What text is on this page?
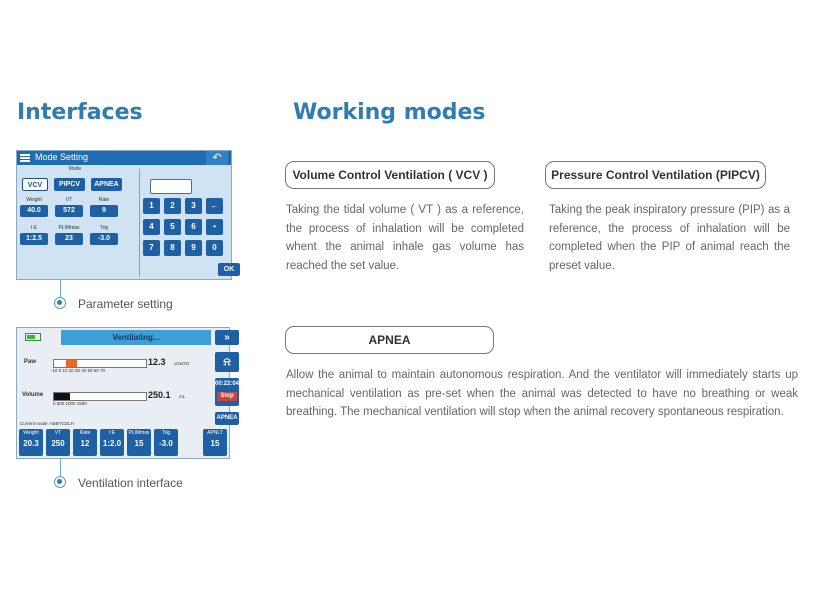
Interfaces	Working modes
Mode Setting	↶
Mode
VCV	PIPCV	APNEA
Weight	VT	Rate
40.0	572	9
I:E	PLIMmax	Trig
1:2.5	23	-3.0
1	2	3	←
4	5	6	•
7	8	9	0
OK
Parameter setting
Ventilating...	»
⍾
00:22:04
Stop
APNEA
Paw
-10 0 10 20 30 40 50 60 70
12.3 cmH2O
Volume
0 500 1000 1500
250.1 mL
Current mode: ABBYCDLH
Weight
20.3
VT
250
Rate
12
I:E
1:2.0
PLIMmax
15
Trig
-3.0
APNLT
15
Ventilation interface
Volume Control Ventilation ( VCV )
Taking the tidal volume ( VT ) as a reference, the process of inhalation will be completed whent the animal inhale gas volume has reached the set value.
Pressure Control Ventilation (PIPCV)
Taking the peak inspiratory pressure (PIP) as a reference, the process of inhalation will be completed when the PIP of animal reach the preset value.
APNEA
Allow the animal to maintain autonomous respiration. And the ventilator will immediately starts up mechanical ventilation as pre-set when the animal was detected to have no breathing or weak breathing. The mechanical ventilation will stop when the animal recovery spontaneous respiration.
